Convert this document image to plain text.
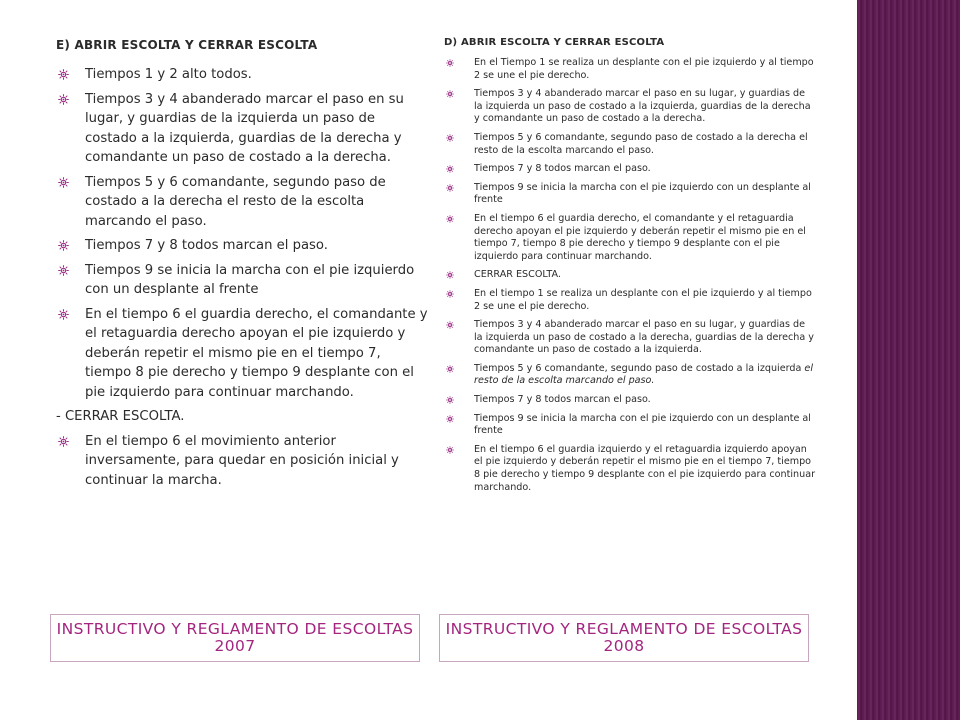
E) ABRIR ESCOLTA Y CERRAR ESCOLTA
Tiempos 1 y 2 alto todos.
Tiempos 3 y 4 abanderado marcar el paso en su lugar, y guardias de la izquierda un paso de costado a la izquierda, guardias de la derecha y comandante un paso de costado a la derecha.
Tiempos 5 y 6 comandante, segundo paso de costado a la derecha el resto de la escolta marcando el paso.
Tiempos 7 y 8 todos marcan el paso.
Tiempos 9 se inicia la marcha con el pie izquierdo con un desplante al frente
En el tiempo 6 el guardia derecho, el comandante y el retaguardia derecho apoyan el pie izquierdo y deberán repetir el mismo pie en el tiempo 7, tiempo 8 pie derecho y tiempo 9 desplante con el pie izquierdo para continuar marchando.
- CERRAR ESCOLTA.
En el tiempo 6 el movimiento anterior inversamente, para quedar en posición inicial y continuar la marcha.
D) ABRIR ESCOLTA Y CERRAR ESCOLTA
En el Tiempo 1 se realiza un desplante con el pie izquierdo y al tiempo 2 se une el pie derecho.
Tiempos 3 y 4 abanderado marcar el paso en su lugar, y guardias de la izquierda un paso de costado a la izquierda, guardias de la derecha y comandante un paso de costado a la derecha.
Tiempos 5 y 6 comandante, segundo paso de costado a la derecha el resto de la escolta marcando el paso.
Tiempos 7 y 8 todos marcan el paso.
Tiempos 9 se inicia la marcha con el pie izquierdo con un desplante al frente
En el tiempo 6 el guardia derecho, el comandante y el retaguardia derecho apoyan el pie izquierdo y deberán repetir el mismo pie en el tiempo 7, tiempo 8 pie derecho y tiempo 9 desplante con el pie izquierdo para continuar marchando.
CERRAR ESCOLTA.
En el tiempo 1 se realiza un desplante con el pie izquierdo y al tiempo 2 se une el pie derecho.
Tiempos 3 y 4 abanderado marcar el paso en su lugar, y guardias de la izquierda un paso de costado a la derecha, guardias de la derecha y comandante un paso de costado a la izquierda.
Tiempos 5 y 6 comandante, segundo paso de costado a la izquierda el resto de la escolta marcando el paso.
Tiempos 7 y 8 todos marcan el paso.
Tiempos 9 se inicia la marcha con el pie izquierdo con un desplante al frente
En el tiempo 6 el guardia izquierdo y el retaguardia izquierdo apoyan el pie izquierdo y deberán repetir el mismo pie en el tiempo 7, tiempo 8 pie derecho y tiempo 9 desplante con el pie izquierdo para continuar marchando.
INSTRUCTIVO Y REGLAMENTO DE ESCOLTAS 2007
INSTRUCTIVO Y REGLAMENTO DE ESCOLTAS 2008
